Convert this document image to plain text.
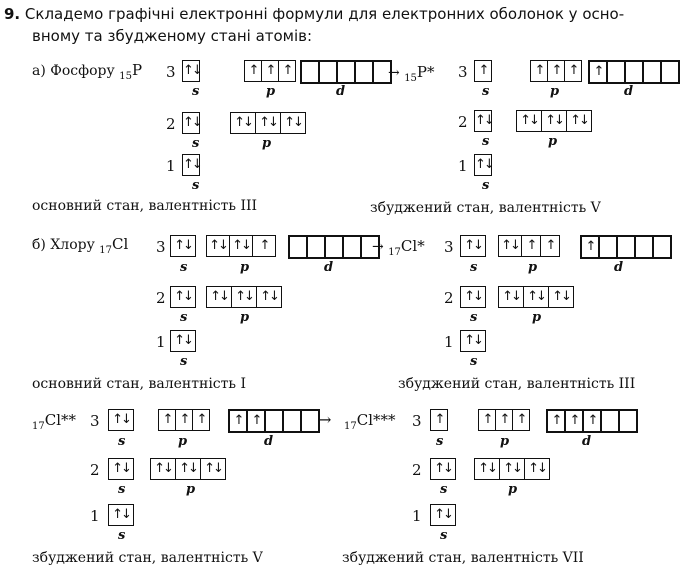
9. Складемо графічні електронні формули для електронних оболонок у осно-
вному та збудженому стані атомів:
а) Фосфору $_{15}$P 3 ↑↓	↑ ↑ ↑
s	p	d
2 ↑↓	↑↓ ↑↓ ↑↓
s	p
1 ↑↓
s
основний стан, валентність III
→ $_{15}$P* 3 ↑	↑ ↑ ↑ ↑
s	p	d
2 ↑↓ ↑↓ ↑↓ ↑↓
s	p
1 ↑↓
s
збуджений стан, валентність V
б) Хлору $_{17}$Cl 3 ↑↓ ↑↓ ↑↓ ↑
s	p	d
2 ↑↓ ↑↓ ↑↓ ↑↓
s	p
1 ↑↓
s
основний стан, валентність I
→ $_{17}$Cl* 3 ↑↓ ↑↓ ↑ ↑	↑
s	p	d
2 ↑↓ ↑↓ ↑↓ ↑↓
s	p
1 ↑↓
s
збуджений стан, валентність III
$_{17}$Cl** 3 ↑↓	↑ ↑ ↑ ↑ ↑
s	p	d
2 ↑↓ ↑↓ ↑↓ ↑↓
s	p
1 ↑↓
s
збуджений стан, валентність V
→ $_{17}$Cl*** 3 ↑	↑ ↑ ↑ ↑ ↑ ↑
s	p	d
2 ↑↓ ↑↓ ↑↓ ↑↓
s	p
1 ↑↓
s
збуджений стан, валентність VII
